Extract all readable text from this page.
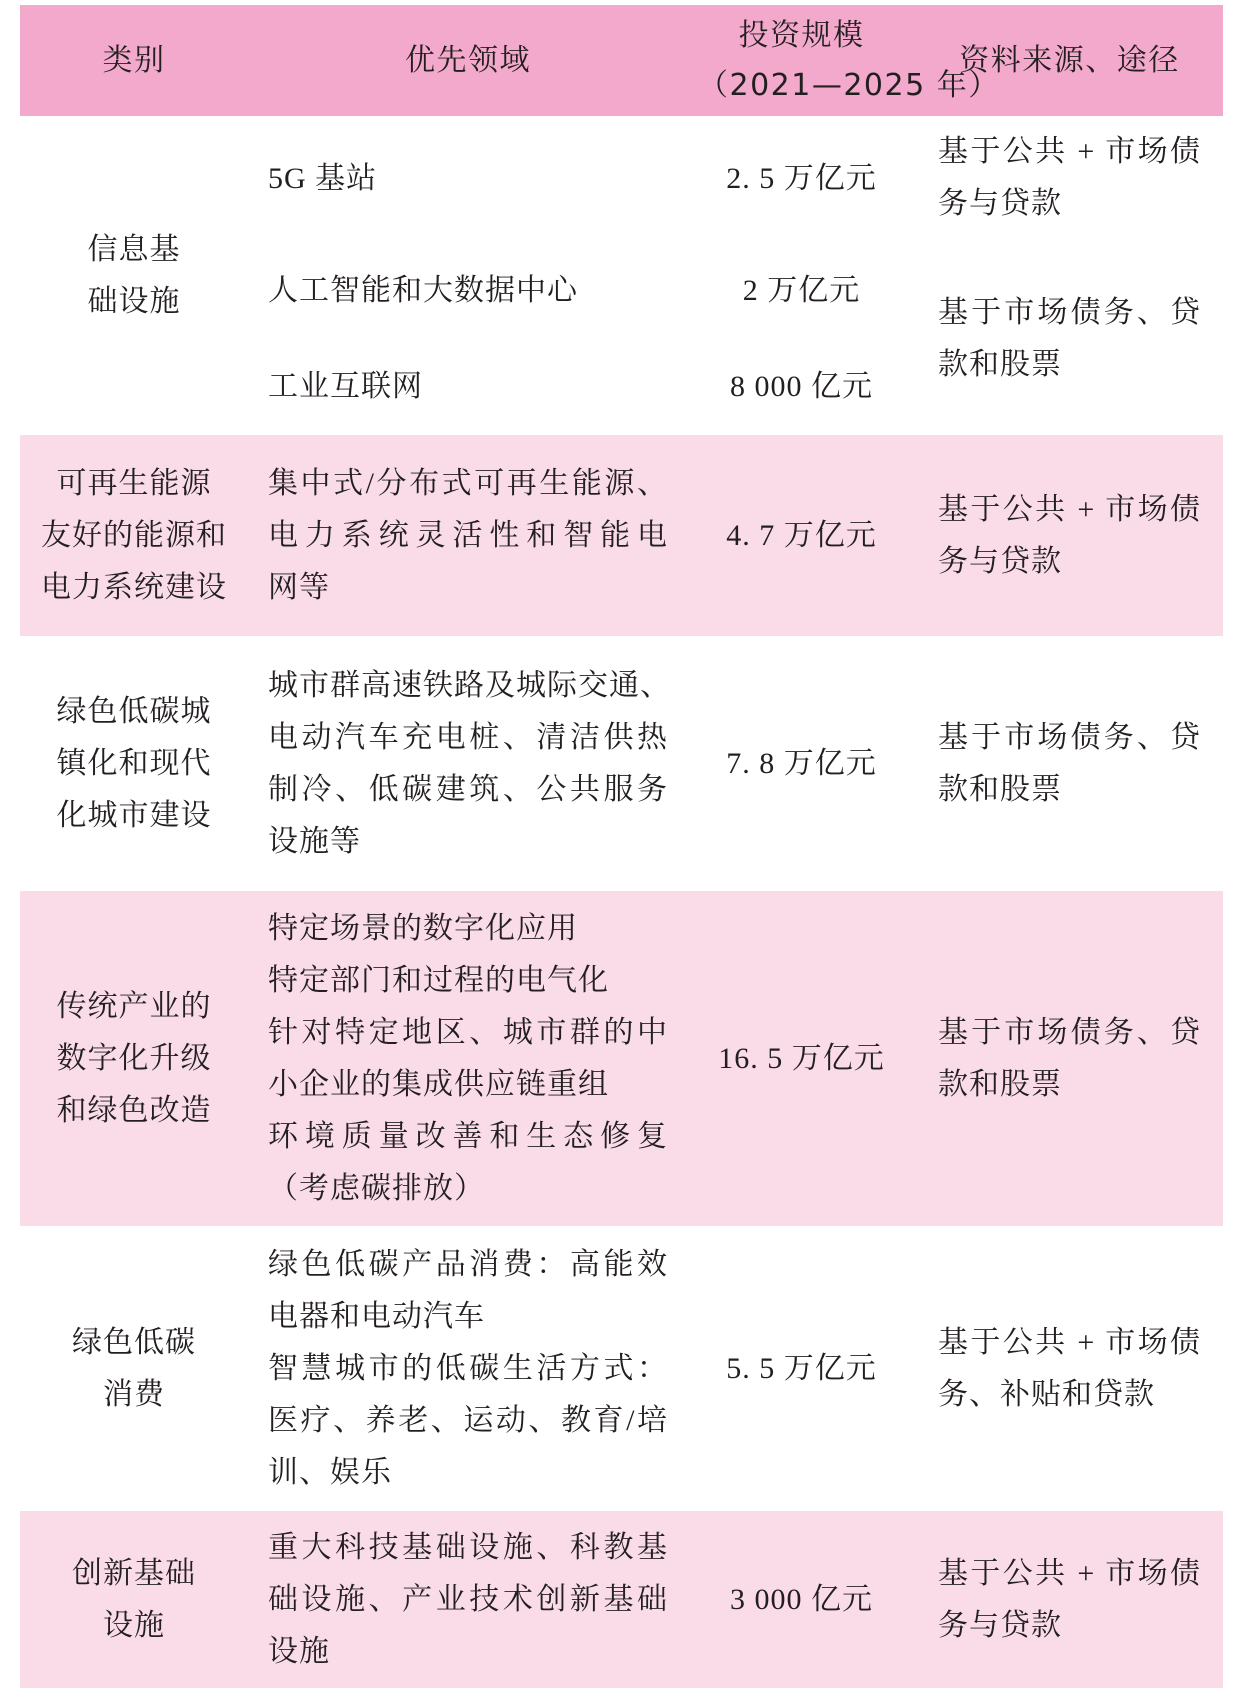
类别	优先领域
投资规模
（2021—2025 年）
资料来源、途径
信息基
础设施
5G 基站
人工智能和大数据中心
工业互联网
2. 5 万亿元
2 万亿元
8 000 亿元
基于公共 + 市场债
务与贷款
基于市场债务、贷
款和股票
可再生能源
友好的能源和
电力系统建设
集中式/分布式可再生能源、
电力系统灵活性和智能电
网等
4. 7 万亿元
基于公共 + 市场债
务与贷款
绿色低碳城
镇化和现代
化城市建设
城市群高速铁路及城际交通、
电动汽车充电桩、清洁供热
制冷、低碳建筑、公共服务
设施等
7. 8 万亿元
基于市场债务、贷
款和股票
传统产业的
数字化升级
和绿色改造
特定场景的数字化应用
特定部门和过程的电气化
针对特定地区、城市群的中
小企业的集成供应链重组
环境质量改善和生态修复
（考虑碳排放）
16. 5 万亿元
基于市场债务、贷
款和股票
绿色低碳
消费
绿色低碳产品消费：高能效
电器和电动汽车
智慧城市的低碳生活方式：
医疗、养老、运动、教育/培
训、娱乐
5. 5 万亿元
基于公共 + 市场债
务、补贴和贷款
创新基础
设施
重大科技基础设施、科教基
础设施、产业技术创新基础
设施
3 000 亿元
基于公共 + 市场债
务与贷款
